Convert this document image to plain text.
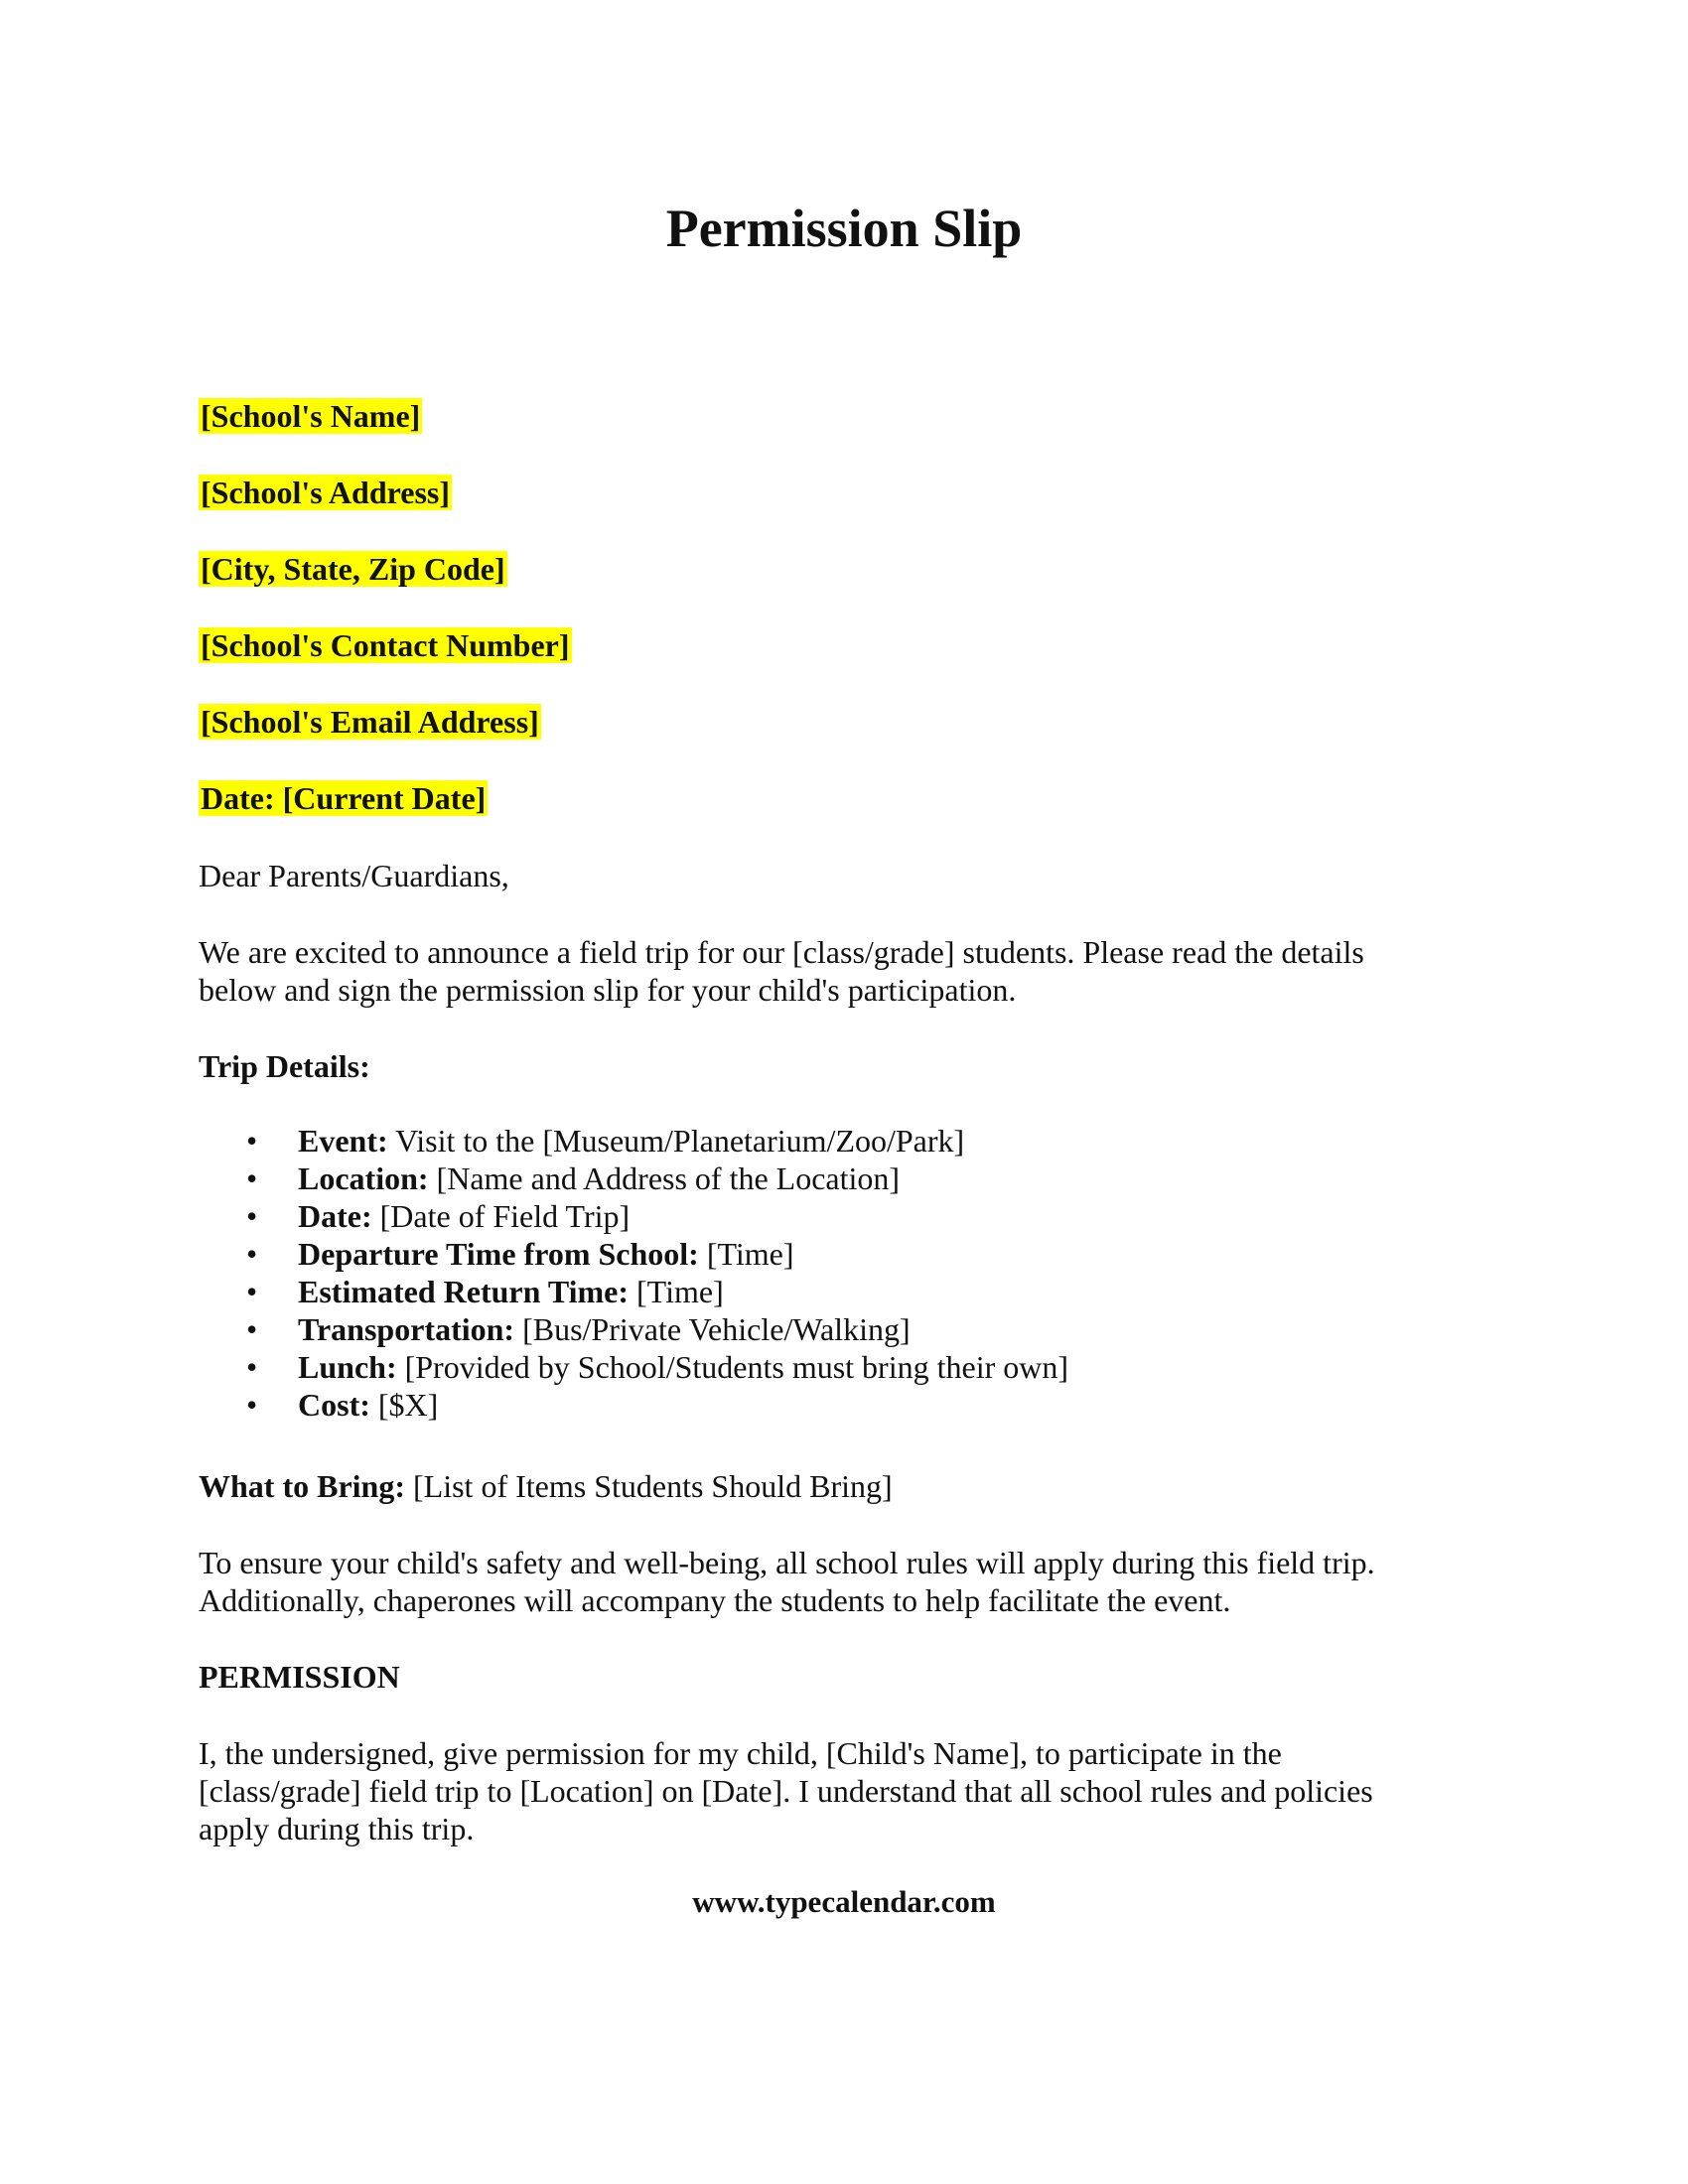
Permission Slip
[School's Name]
[School's Address]
[City, State, Zip Code]
[School's Contact Number]
[School's Email Address]
Date: [Current Date]

Dear Parents/Guardians,

We are excited to announce a field trip for our [class/grade] students. Please read the details
below and sign the permission slip for your child's participation.

Trip Details:

• Event: Visit to the [Museum/Planetarium/Zoo/Park]
• Location: [Name and Address of the Location]
• Date: [Date of Field Trip]
• Departure Time from School: [Time]
• Estimated Return Time: [Time]
• Transportation: [Bus/Private Vehicle/Walking]
• Lunch: [Provided by School/Students must bring their own]
• Cost: [$X]

What to Bring: [List of Items Students Should Bring]

To ensure your child's safety and well-being, all school rules will apply during this field trip.
Additionally, chaperones will accompany the students to help facilitate the event.

PERMISSION

I, the undersigned, give permission for my child, [Child's Name], to participate in the
[class/grade] field trip to [Location] on [Date]. I understand that all school rules and policies
apply during this trip.
www.typecalendar.com
